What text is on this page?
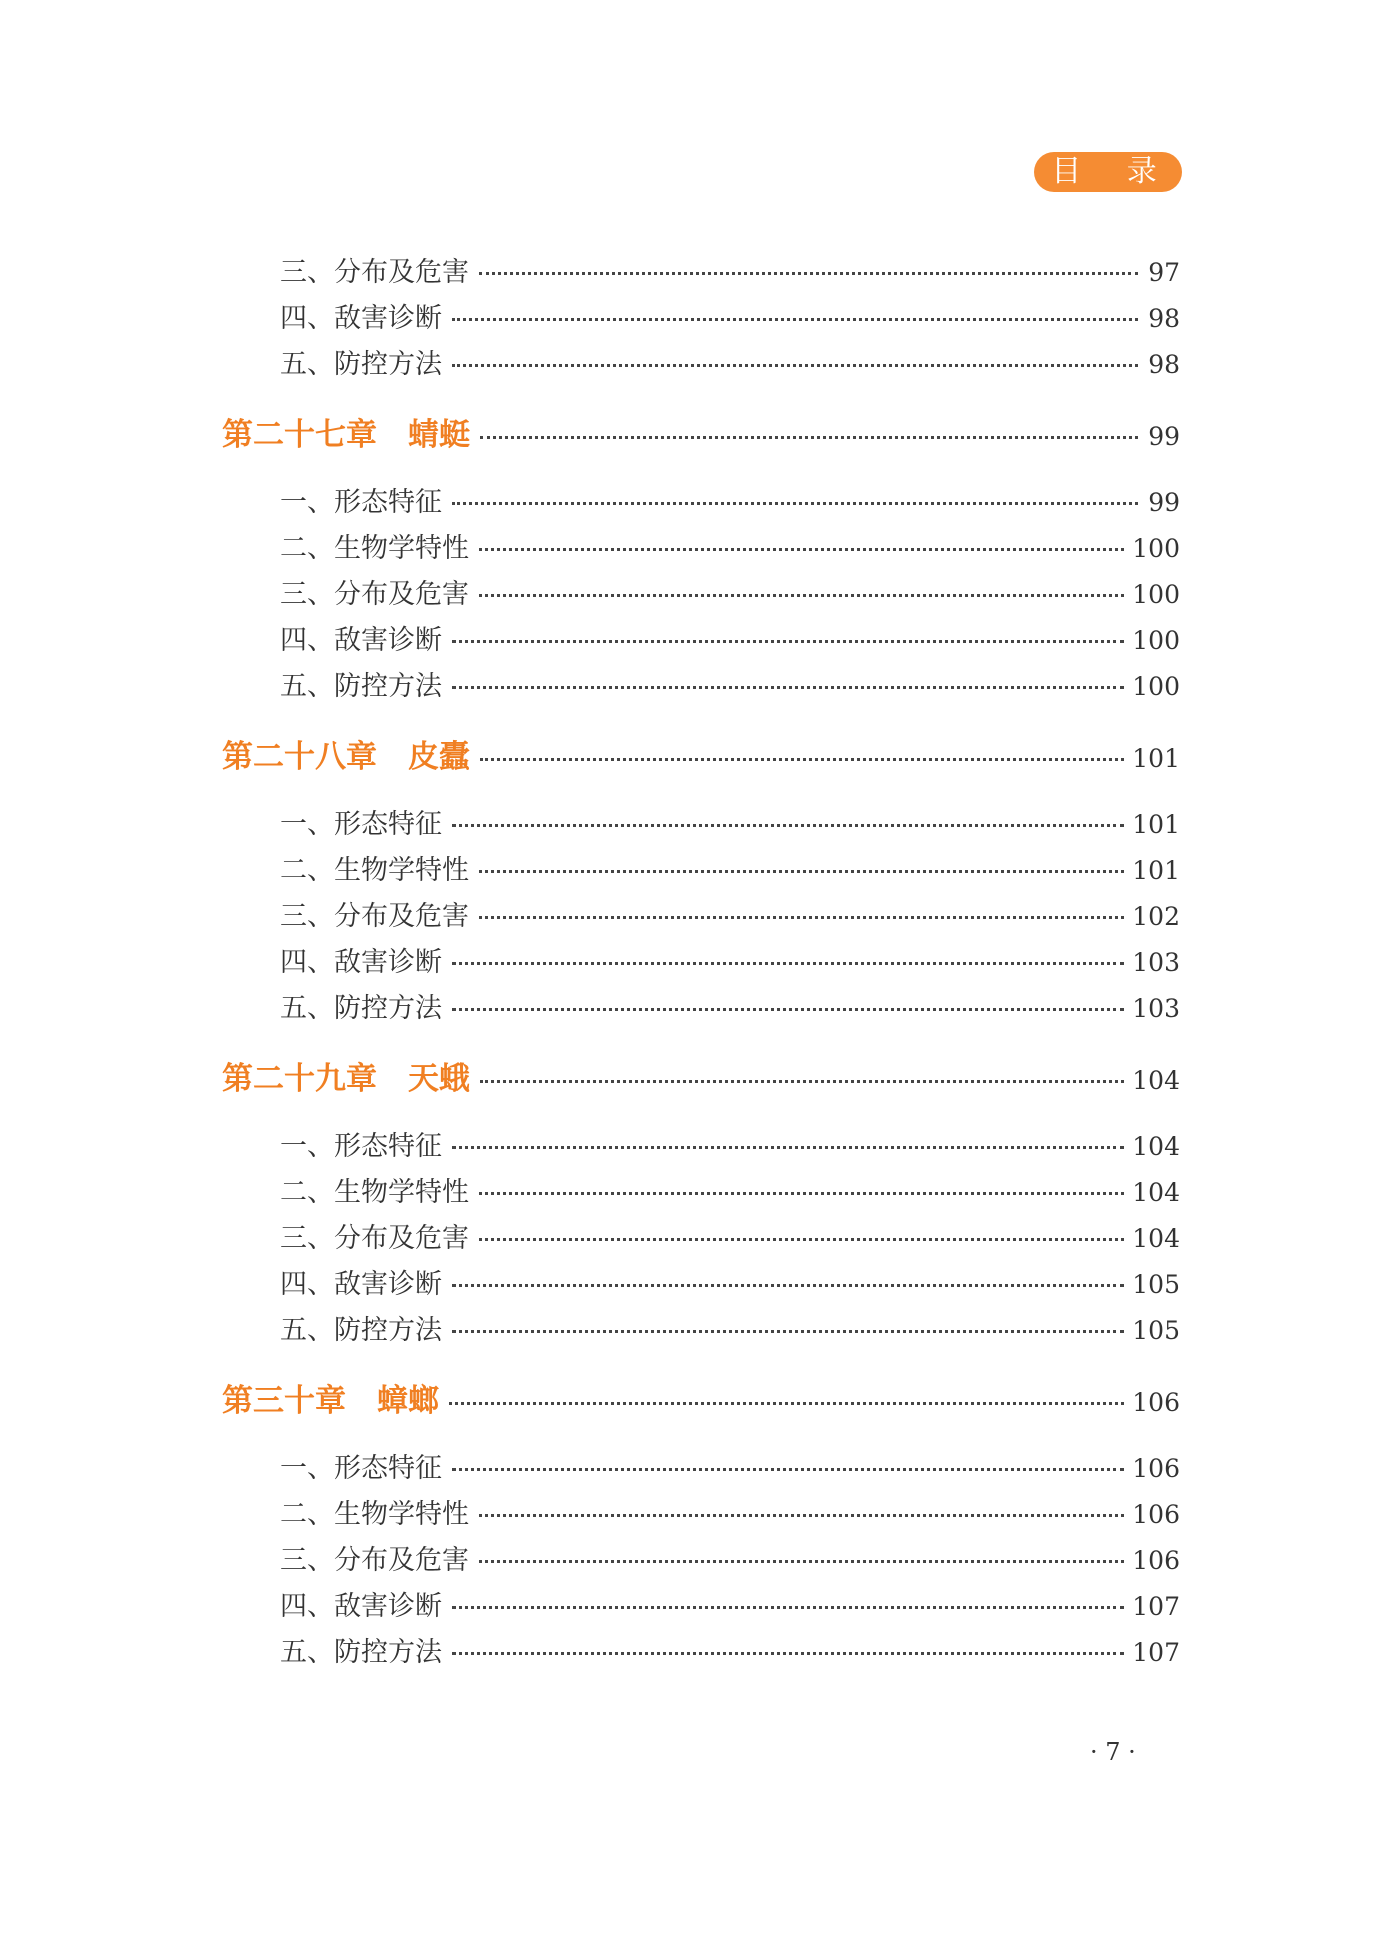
目 录
三、分布及危害	97
四、敌害诊断	98
五、防控方法	98
第二十七章　蜻蜓	99
一、形态特征	99
二、生物学特性	100
三、分布及危害	100
四、敌害诊断	100
五、防控方法	100
第二十八章　皮蠹	101
一、形态特征	101
二、生物学特性	101
三、分布及危害	102
四、敌害诊断	103
五、防控方法	103
第二十九章　天蛾	104
一、形态特征	104
二、生物学特性	104
三、分布及危害	104
四、敌害诊断	105
五、防控方法	105
第三十章　蟑螂	106
一、形态特征	106
二、生物学特性	106
三、分布及危害	106
四、敌害诊断	107
五、防控方法	107
· 7 ·
